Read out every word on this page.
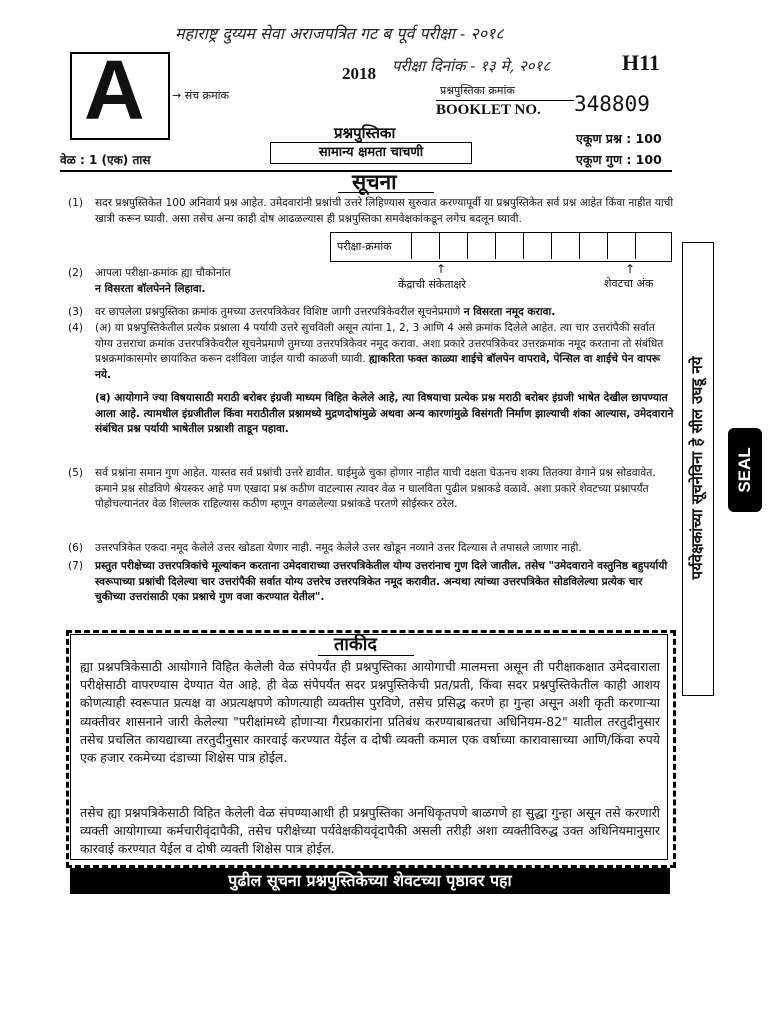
महाराष्ट्र दुय्यम सेवा अराजपत्रित गट ब पूर्व परीक्षा - २०१८
परीक्षा दिनांक - १३ मे, २०१८
A → संच क्रमांक
2018	H11
प्रश्नपुस्तिका क्रमांक
BOOKLET NO. 348809
प्रश्नपुस्तिका
सामान्य क्षमता चाचणी
वेळ : 1 (एक) तास
एकूण प्रश्न : 100
एकूण गुण : 100
सूचना
(1) सदर प्रश्नपुस्तिकेत 100 अनिवार्य प्रश्न आहेत. उमेदवारांनी प्रश्नांची उत्तरे लिहिण्यास सुरुवात करण्यापूर्वी या प्रश्नपुस्तिकेत सर्व प्रश्न आहेत किंवा नाहीत याची खात्री करून घ्यावी. असा तसेच अन्य काही दोष आढळल्यास ही प्रश्नपुस्तिका समवेक्षकांकडून लगेच बदलून घ्यावी.
परीक्षा-क्रमांक
↑	↑
केंद्राची संकेताक्षरे	शेवटचा अंक
(2) आपला परीक्षा-क्रमांक ह्या चौकोनांत
न विसरता बॉलपेनने लिहावा.
(3) वर छापलेला प्रश्नपुस्तिका क्रमांक तुमच्या उत्तरपत्रिकेवर विशिष्ट जागी उत्तरपत्रिकेवरील सूचनेप्रमाणे न विसरता नमूद करावा.
(4) (अ) या प्रश्नपुस्तिकेतील प्रत्येक प्रश्नाला 4 पर्यायी उत्तरे सुचविली असून त्यांना 1, 2, 3 आणि 4 असे क्रमांक दिलेले आहेत. त्या चार उत्तरांपैकी सर्वात योग्य उत्तराचा क्रमांक उत्तरपत्रिकेवरील सूचनेप्रमाणे तुमच्या उत्तरपत्रिकेवर नमूद करावा. अशा प्रकारे उत्तरपत्रिकेवर उत्तरक्रमांक नमूद करताना तो संबंधित प्रश्नक्रमांकासमोर छायांकित करून दर्शविला जाईल याची काळजी घ्यावी. ह्याकरिता फक्त काळ्या शाईचे बॉलपेन वापरावे, पेन्सिल वा शाईचे पेन वापरू नये.
(ब) आयोगाने ज्या विषयासाठी मराठी बरोबर इंग्रजी माध्यम विहित केलेले आहे, त्या विषयाचा प्रत्येक प्रश्न मराठी बरोबर इंग्रजी भाषेत देखील छापण्यात आला आहे. त्यामधील इंग्रजीतील किंवा मराठीतील प्रश्नामध्ये मुद्रणदोषांमुळे अथवा अन्य कारणांमुळे विसंगती निर्माण झाल्याची शंका आल्यास, उमेदवाराने संबंधित प्रश्न पर्यायी भाषेतील प्रश्नाशी ताडून पहावा.
(5) सर्व प्रश्नांना समान गुण आहेत. यास्तव सर्व प्रश्नांची उत्तरे द्यावीत. घाईमुळे चुका होणार नाहीत याची दक्षता घेऊनच शक्य तितक्या वेगाने प्रश्न सोडवावेत. क्रमाने प्रश्न सोडविणे श्रेयस्कर आहे पण एखादा प्रश्न कठीण वाटल्यास त्यावर वेळ न घालविता पुढील प्रश्नाकडे वळावे. अशा प्रकारे शेवटच्या प्रश्नापर्यंत पोहोचल्यानंतर वेळ शिल्लक राहिल्यास कठीण म्हणून वगळलेल्या प्रश्नांकडे परतणे सोईस्कर ठरेल.
(6) उत्तरपत्रिकेत एकदा नमूद केलेले उत्तर खोडता येणार नाही. नमूद केलेले उत्तर खोडून नव्याने उत्तर दिल्यास ते तपासले जाणार नाही.
(7) प्रस्तुत परीक्षेच्या उत्तरपत्रिकांचे मूल्यांकन करताना उमेदवाराच्या उत्तरपत्रिकेतील योग्य उत्तरांनाच गुण दिले जातील. तसेच "उमेदवाराने वस्तुनिष्ठ बहुपर्यायी स्वरूपाच्या प्रश्नांची दिलेल्या चार उत्तरांपैकी सर्वात योग्य उत्तरेच उत्तरपत्रिकेत नमूद करावीत. अन्यथा त्यांच्या उत्तरपत्रिकेत सोडविलेल्या प्रत्येक चार चुकीच्या उत्तरांसाठी एका प्रश्नाचे गुण वजा करण्यात येतील".
ताकीद
ह्या प्रश्नपत्रिकेसाठी आयोगाने विहित केलेली वेळ संपेपर्यंत ही प्रश्नपुस्तिका आयोगाची मालमत्ता असून ती परीक्षाकक्षात उमेदवाराला परीक्षेसाठी वापरण्यास देण्यात येत आहे. ही वेळ संपेपर्यंत सदर प्रश्नपुस्तिकेची प्रत/प्रती, किंवा सदर प्रश्नपुस्तिकेतील काही आशय कोणत्याही स्वरूपात प्रत्यक्ष वा अप्रत्यक्षपणे कोणत्याही व्यक्तीस पुरविणे, तसेच प्रसिद्ध करणे हा गुन्हा असून अशी कृती करणाऱ्या व्यक्तीवर शासनाने जारी केलेल्या "परीक्षांमध्ये होणाऱ्या गैरप्रकारांना प्रतिबंध करण्याबाबतचा अधिनियम-82" यातील तरतुदीनुसार तसेच प्रचलित कायद्याच्या तरतुदीनुसार कारवाई करण्यात येईल व दोषी व्यक्ती कमाल एक वर्षाच्या कारावासाच्या आणि/किंवा रुपये एक हजार रकमेच्या दंडाच्या शिक्षेस पात्र होईल.
तसेच ह्या प्रश्नपत्रिकेसाठी विहित केलेली वेळ संपण्याआधी ही प्रश्नपुस्तिका अनधिकृतपणे बाळगणे हा सुद्धा गुन्हा असून तसे करणारी व्यक्ती आयोगाच्या कर्मचारीवृंदापैकी, तसेच परीक्षेच्या पर्यवेक्षकीयवृंदापैकी असली तरीही अशा व्यक्तीविरुद्ध उक्त अधिनियमानुसार कारवाई करण्यात येईल व दोषी व्यक्ती शिक्षेस पात्र होईल.
पुढील सूचना प्रश्नपुस्तिकेच्या शेवटच्या पृष्ठावर पहा
पर्यवेक्षकांच्या सूचनेविना हे सील उघडू नये SEAL
